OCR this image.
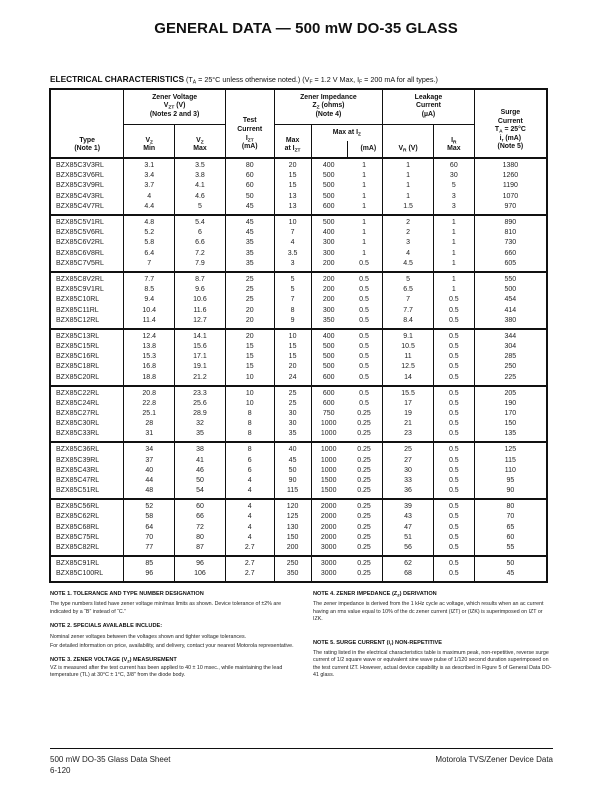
GENERAL DATA — 500 mW DO-35 GLASS
ELECTRICAL CHARACTERISTICS ($T_A = 25^\circ C$ unless otherwise noted.) ($V_F = 1.2$ V Max, $I_F = 200$ mA for all types.)
Type
(Note 1)	Zener Voltage
$V_{ZT}$ (V)
(Notes 2 and 3)		Test
Current
$I_{ZT}$
(mA)	Zener Impedance
$Z_Z$ (ohms)
(Note 4)			Leakage
Current
(µA)		Surge
Current
$T_A = 25^\circ C$
$i_r$ (mA)
(Note 5)
	$V_Z$
Min	$V_Z$
Max		Max
at $I_{ZT}$	Max at $I_Z$
(mA)		$V_R$ (V)	$I_R$
Max	
BZX85C3V3RL	3.1	3.5	80	20	400	1	1	60	1380
BZX85C3V6RL	3.4	3.8	60	15	500	1	1	30	1260
BZX85C3V9RL	3.7	4.1	60	15	500	1	1	5	1190
BZX85C4V3RL	4	4.6	50	13	500	1	1	3	1070
BZX85C4V7RL	4.4	5	45	13	600	1	1.5	3	970
BZX85C5V1RL	4.8	5.4	45	10	500	1	2	1	890
BZX85C5V6RL	5.2	6	45	7	400	1	2	1	810
BZX85C6V2RL	5.8	6.6	35	4	300	1	3	1	730
BZX85C6V8RL	6.4	7.2	35	3.5	300	1	4	1	660
BZX85C7V5RL	7	7.9	35	3	200	0.5	4.5	1	605
BZX85C8V2RL	7.7	8.7	25	5	200	0.5	5	1	550
BZX85C9V1RL	8.5	9.6	25	5	200	0.5	6.5	1	500
BZX85C10RL	9.4	10.6	25	7	200	0.5	7	0.5	454
BZX85C11RL	10.4	11.6	20	8	300	0.5	7.7	0.5	414
BZX85C12RL	11.4	12.7	20	9	350	0.5	8.4	0.5	380
BZX85C13RL	12.4	14.1	20	10	400	0.5	9.1	0.5	344
BZX85C15RL	13.8	15.6	15	15	500	0.5	10.5	0.5	304
BZX85C16RL	15.3	17.1	15	15	500	0.5	11	0.5	285
BZX85C18RL	16.8	19.1	15	20	500	0.5	12.5	0.5	250
BZX85C20RL	18.8	21.2	10	24	600	0.5	14	0.5	225
BZX85C22RL	20.8	23.3	10	25	600	0.5	15.5	0.5	205
BZX85C24RL	22.8	25.6	10	25	600	0.5	17	0.5	190
BZX85C27RL	25.1	28.9	8	30	750	0.25	19	0.5	170
BZX85C30RL	28	32	8	30	1000	0.25	21	0.5	150
BZX85C33RL	31	35	8	35	1000	0.25	23	0.5	135
BZX85C36RL	34	38	8	40	1000	0.25	25	0.5	125
BZX85C39RL	37	41	6	45	1000	0.25	27	0.5	115
BZX85C43RL	40	46	6	50	1000	0.25	30	0.5	110
BZX85C47RL	44	50	4	90	1500	0.25	33	0.5	95
BZX85C51RL	48	54	4	115	1500	0.25	36	0.5	90
BZX85C56RL	52	60	4	120	2000	0.25	39	0.5	80
BZX85C62RL	58	66	4	125	2000	0.25	43	0.5	70
BZX85C68RL	64	72	4	130	2000	0.25	47	0.5	65
BZX85C75RL	70	80	4	150	2000	0.25	51	0.5	60
BZX85C82RL	77	87	2.7	200	3000	0.25	56	0.5	55
BZX85C91RL	85	96	2.7	250	3000	0.25	62	0.5	50
BZX85C100RL	96	106	2.7	350	3000	0.25	68	0.5	45
NOTE 1. TOLERANCE AND TYPE NUMBER DESIGNATION

The type numbers listed have zener voltage min/max limits as shown. Device tolerance of ±2% are indicated by a “B” instead of “C.”

NOTE 2. SPECIALS AVAILABLE INCLUDE:

Nominal zener voltages between the voltages shown and tighter voltage tolerances.

For detailed information on price, availability, and delivery, contact your nearest Motorola representative.

NOTE 3. ZENER VOLTAGE $(V_Z)$ MEASUREMENT

VZ is measured after the test current has been applied to 40 ± 10 msec., while maintaining the lead temperature (TL) at 30°C ± 1°C, 3/8" from the diode body.

NOTE 4. ZENER IMPEDANCE $(Z_Z)$ DERIVATION

The zener impedance is derived from the 1 kHz cycle ac voltage, which results when an ac current having an rms value equal to 10% of the dc zener current (IZT) or (IZK) is superimposed on IZT or IZK.

NOTE 5. SURGE CURRENT $(i_r)$ NON-REPETITIVE

The rating listed in the electrical characteristics table is maximum peak, non-repetitive, reverse surge current of 1/2 square wave or equivalent sine wave pulse of 1/120 second duration superimposed on the test current IZT. However, actual device capability is as described in Figure 5 of General Data DO-41 glass.

500 mW DO-35 Glass Data Sheet
6-120
Motorola TVS/Zener Device Data
